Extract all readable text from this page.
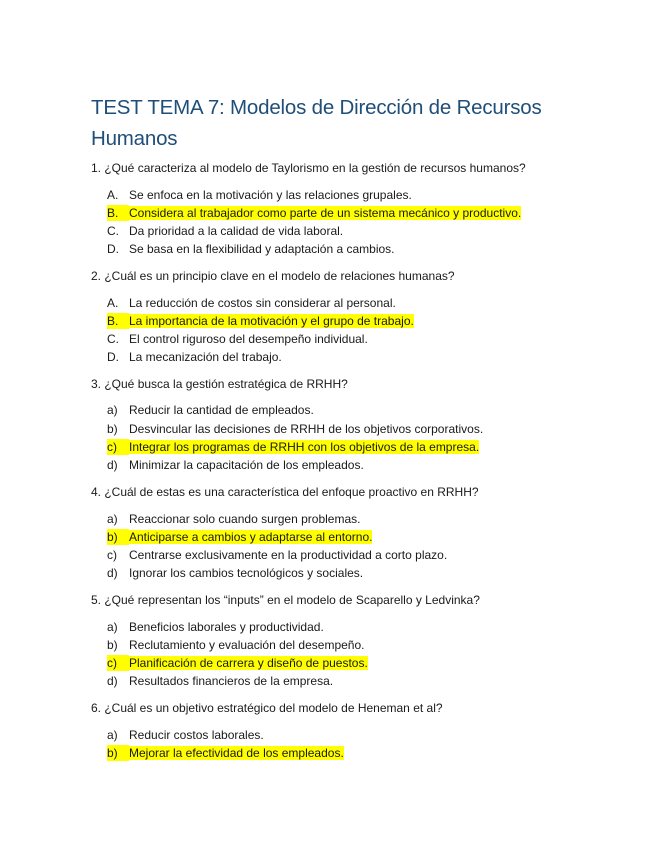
TEST TEMA 7: Modelos de Dirección de Recursos Humanos
1. ¿Qué caracteriza al modelo de Taylorismo en la gestión de recursos humanos?
A. Se enfoca en la motivación y las relaciones grupales.
B. Considera al trabajador como parte de un sistema mecánico y productivo.
C. Da prioridad a la calidad de vida laboral.
D. Se basa en la flexibilidad y adaptación a cambios.
2. ¿Cuál es un principio clave en el modelo de relaciones humanas?
A. La reducción de costos sin considerar al personal.
B. La importancia de la motivación y el grupo de trabajo.
C. El control riguroso del desempeño individual.
D. La mecanización del trabajo.
3. ¿Qué busca la gestión estratégica de RRHH?
a) Reducir la cantidad de empleados.
b) Desvincular las decisiones de RRHH de los objetivos corporativos.
c) Integrar los programas de RRHH con los objetivos de la empresa.
d) Minimizar la capacitación de los empleados.
4. ¿Cuál de estas es una característica del enfoque proactivo en RRHH?
a) Reaccionar solo cuando surgen problemas.
b) Anticiparse a cambios y adaptarse al entorno.
c) Centrarse exclusivamente en la productividad a corto plazo.
d) Ignorar los cambios tecnológicos y sociales.
5. ¿Qué representan los “inputs” en el modelo de Scaparello y Ledvinka?
a) Beneficios laborales y productividad.
b) Reclutamiento y evaluación del desempeño.
c) Planificación de carrera y diseño de puestos.
d) Resultados financieros de la empresa.
6. ¿Cuál es un objetivo estratégico del modelo de Heneman et al?
a) Reducir costos laborales.
b) Mejorar la efectividad de los empleados.
